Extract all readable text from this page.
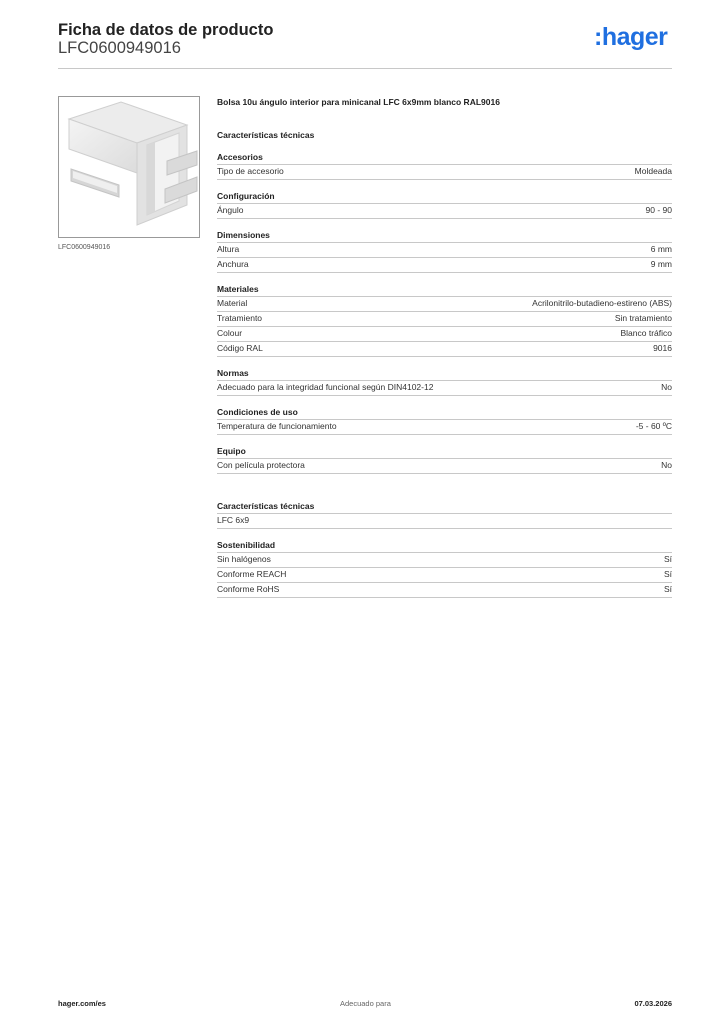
Ficha de datos de producto
LFC0600949016	:hager
LFC0600949016
Bolsa 10u ángulo interior para minicanal LFC 6x9mm blanco RAL9016
Características técnicas
Accesorios
Tipo de accesorio	Moldeada
Configuración
Ángulo	90 - 90
Dimensiones
Altura	6 mm
Anchura	9 mm
Materiales
Material	Acrilonitrilo-butadieno-estireno (ABS)
Tratamiento	Sin tratamiento
Colour	Blanco tráfico
Código RAL	9016
Normas
Adecuado para la integridad funcional según DIN4102-12	No
Condiciones de uso
Temperatura de funcionamiento	-5 - 60 ºC
Equipo
Con película protectora	No
Características técnicas
LFC 6x9
Sostenibilidad
Sin halógenos	Sí
Conforme REACH	Sí
Conforme RoHS	Sí
hager.com/es	Adecuado para	07.03.2026
